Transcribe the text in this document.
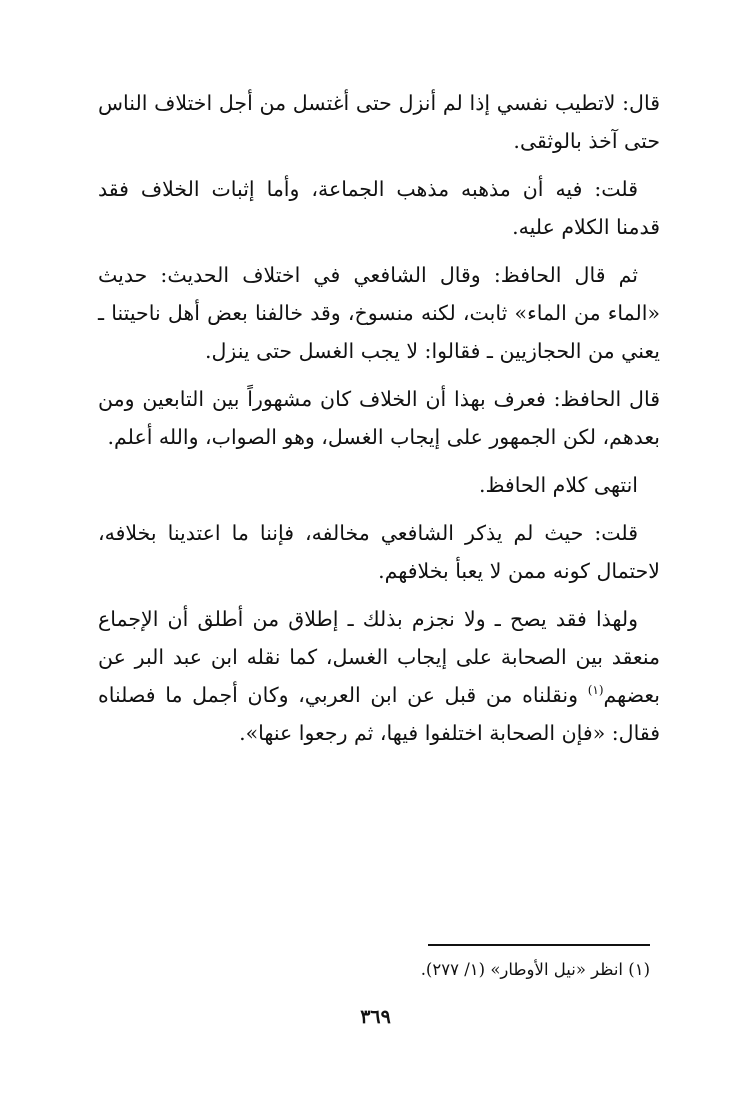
قال: لاتطيب نفسي إذا لم أنزل حتى أغتسل من أجل اختلاف الناس حتى آخذ بالوثقى.

قلت: فيه أن مذهبه مذهب الجماعة، وأما إثبات الخلاف فقد قدمنا الكلام عليه.

ثم قال الحافظ: وقال الشافعي في اختلاف الحديث: حديث «الماء من الماء» ثابت، لكنه منسوخ، وقد خالفنا بعض أهل ناحيتنا ـ يعني من الحجازيين ـ فقالوا: لا يجب الغسل حتى ينزل.

قال الحافظ: فعرف بهذا أن الخلاف كان مشهوراً بين التابعين ومن بعدهم، لكن الجمهور على إيجاب الغسل، وهو الصواب، والله أعلم.

انتهى كلام الحافظ.

قلت: حيث لم يذكر الشافعي مخالفه، فإننا ما اعتدينا بخلافه، لاحتمال كونه ممن لا يعبأ بخلافهم.

ولهذا فقد يصح ـ ولا نجزم بذلك ـ إطلاق من أطلق أن الإجماع منعقد بين الصحابة على إيجاب الغسل، كما نقله ابن عبد البر عن بعضهم$^{(١)}$ ونقلناه من قبل عن ابن العربي، وكان أجمل ما فصلناه فقال: «فإن الصحابة اختلفوا فيها، ثم رجعوا عنها».

(١) انظر «نيل الأوطار» (١/ ٢٧٧).
٣٦٩
